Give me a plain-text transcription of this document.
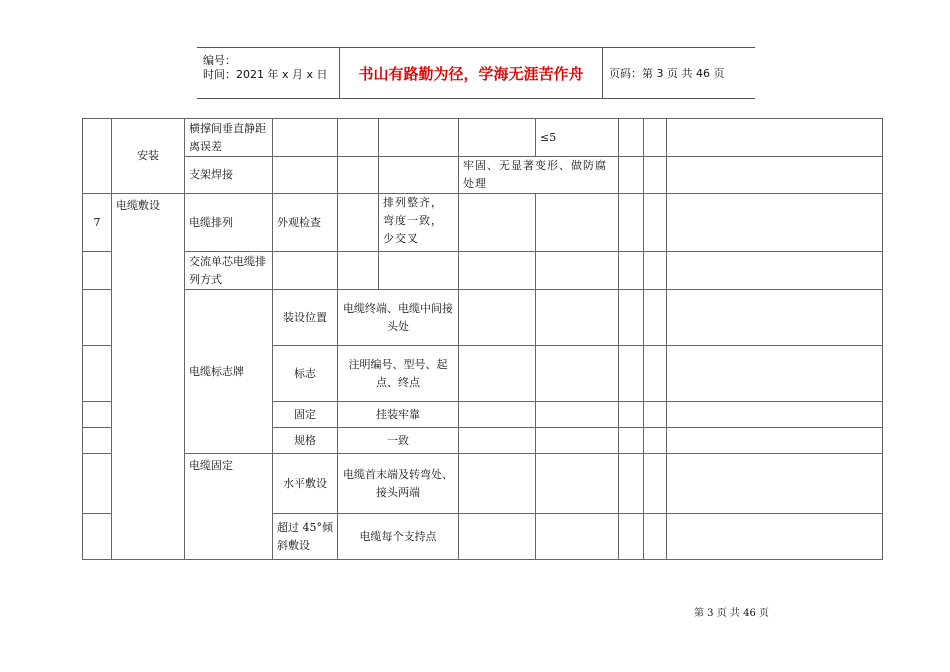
编号：
时间：2021 年 x 月 x 日	书山有路勤为径，学海无涯苦作舟	页码：第 3 页 共 46 页
	安装	横撑间垂直静距离误差					≤5			
		支架焊接				牢固、无显著变形、做防腐处理				
7	电缆敷设	电缆排列	外观检查		排列整齐，弯度一致，少交叉					
		交流单芯电缆排列方式								
		电缆标志牌	装设位置	电缆终端、电缆中间接头处						
			标志	注明编号、型号、起点、终点						
			固定	挂装牢靠						
			规格	一致						
		电缆固定	水平敷设	电缆首末端及转弯处、接头两端						
			超过 45°倾斜敷设	电缆每个支持点						
第 3 页 共 46 页
